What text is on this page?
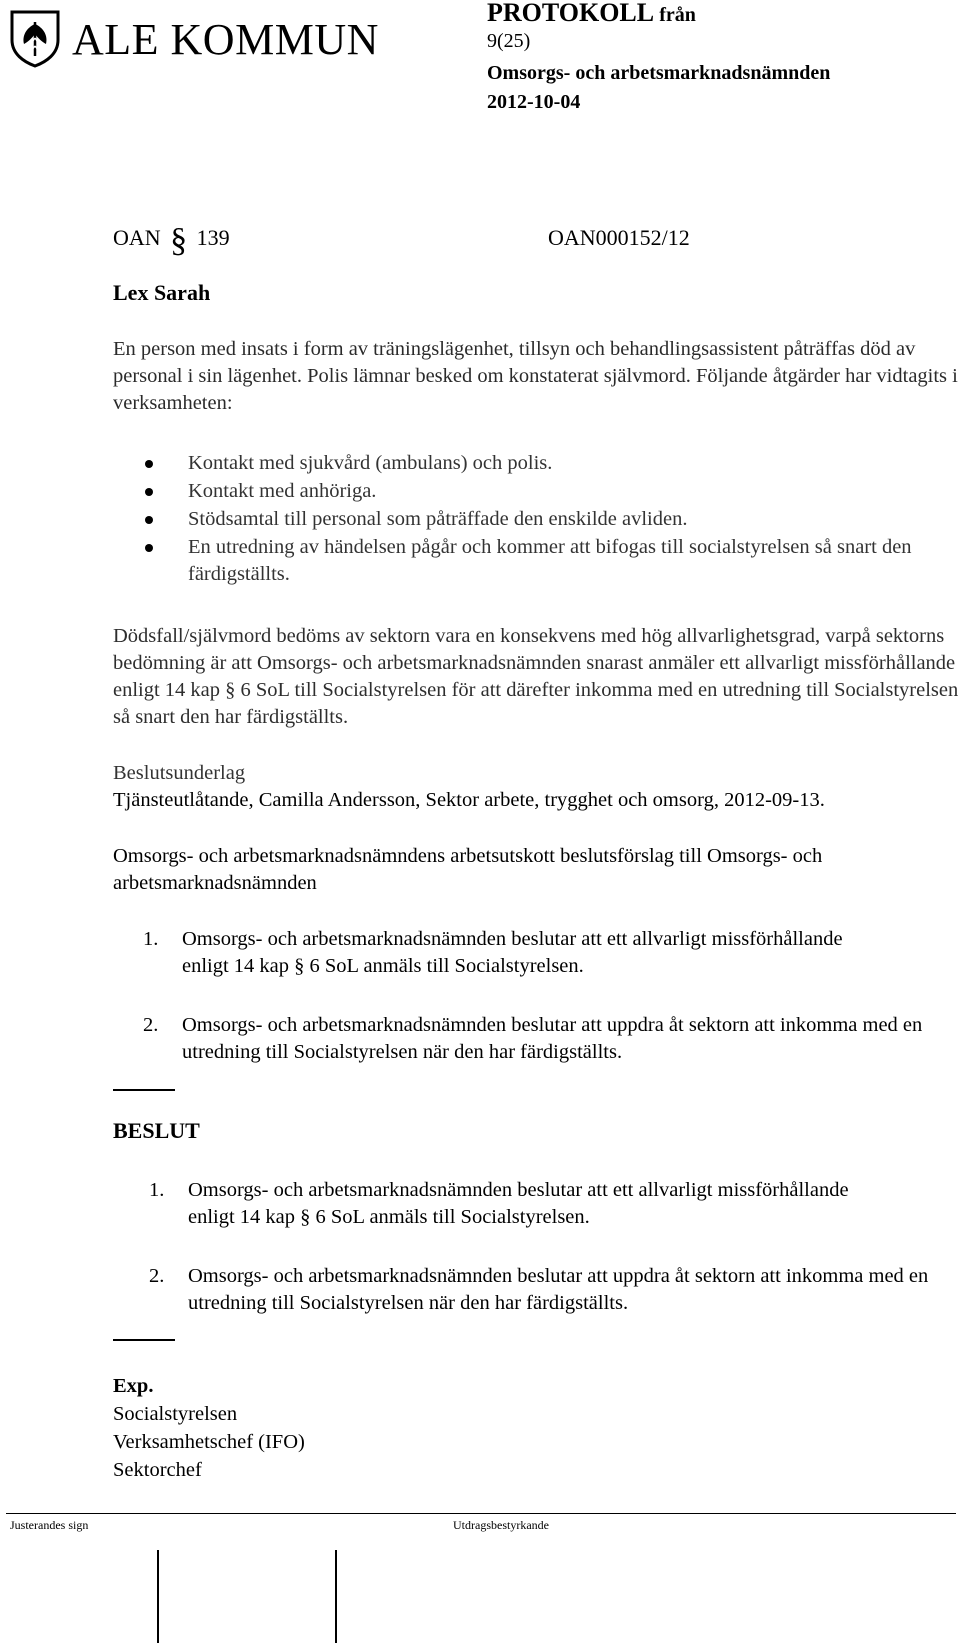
ALE KOMMUN
PROTOKOLL från
9(25)
Omsorgs- och arbetsmarknadsnämnden
2012-10-04
OAN § 139	OAN000152/12
Lex Sarah
En person med insats i form av träningslägenhet, tillsyn och behandlingsassistent påträffas död av personal i sin lägenhet. Polis lämnar besked om konstaterat självmord. Följande åtgärder har vidtagits i verksamheten:
Kontakt med sjukvård (ambulans) och polis.
Kontakt med anhöriga.
Stödsamtal till personal som påträffade den enskilde avliden.
En utredning av händelsen pågår och kommer att bifogas till socialstyrelsen så snart den färdigställts.
Dödsfall/självmord bedöms av sektorn vara en konsekvens med hög allvarlighetsgrad, varpå sektorns bedömning är att Omsorgs- och arbetsmarknadsnämnden snarast anmäler ett allvarligt missförhållande enligt 14 kap § 6 SoL till Socialstyrelsen för att därefter inkomma med en utredning till Socialstyrelsen så snart den har färdigställts.
Beslutsunderlag
Tjänsteutlåtande, Camilla Andersson, Sektor arbete, trygghet och omsorg, 2012-09-13.
Omsorgs- och arbetsmarknadsnämndens arbetsutskott beslutsförslag till Omsorgs- och arbetsmarknadsnämnden
1. Omsorgs- och arbetsmarknadsnämnden beslutar att ett allvarligt missförhållande enligt 14 kap § 6 SoL anmäls till Socialstyrelsen.
2. Omsorgs- och arbetsmarknadsnämnden beslutar att uppdra åt sektorn att inkomma med en utredning till Socialstyrelsen när den har färdigställts.
BESLUT
1. Omsorgs- och arbetsmarknadsnämnden beslutar att ett allvarligt missförhållande enligt 14 kap § 6 SoL anmäls till Socialstyrelsen.
2. Omsorgs- och arbetsmarknadsnämnden beslutar att uppdra åt sektorn att inkomma med en utredning till Socialstyrelsen när den har färdigställts.
Exp.
Socialstyrelsen
Verksamhetschef (IFO)
Sektorchef
Justerandes sign	Utdragsbestyrkande
